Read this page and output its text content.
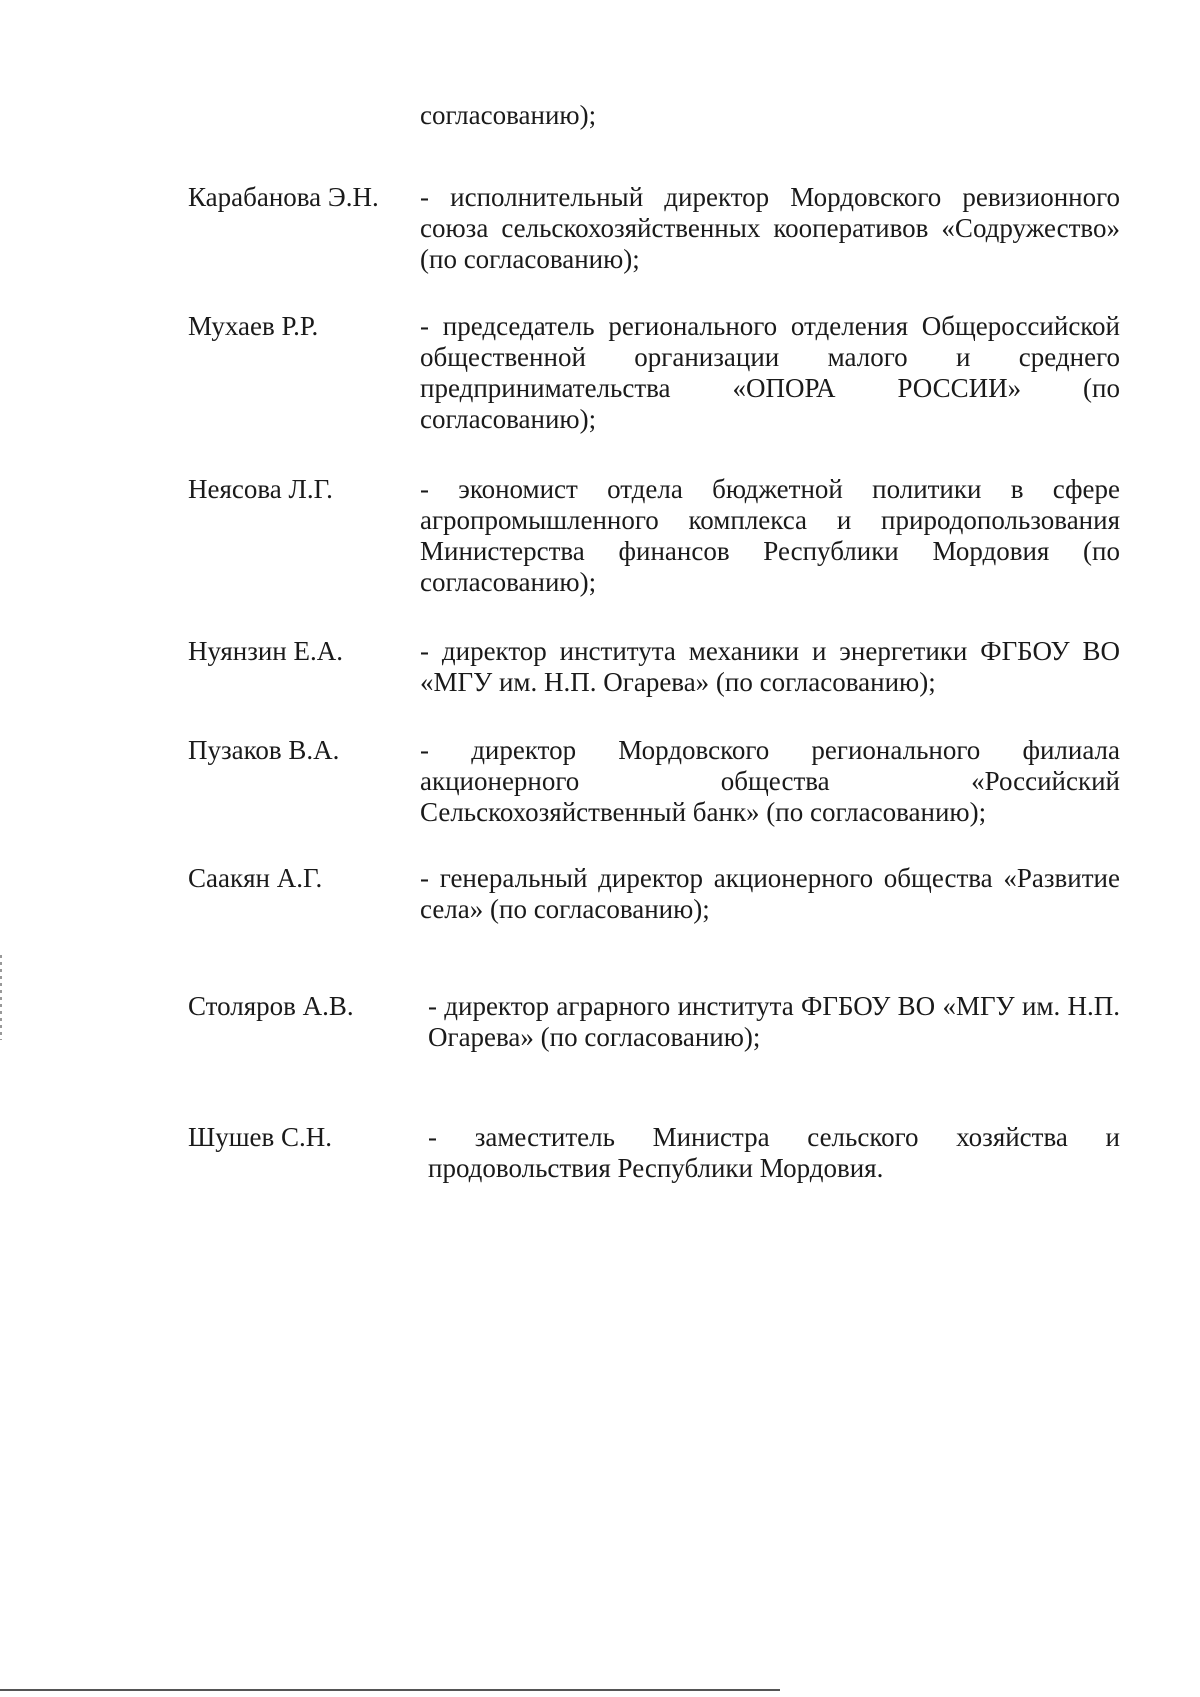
согласованию);
Карабанова Э.Н. - исполнительный директор Мордовского ревизионного союза сельскохозяйственных кооперативов «Содружество» (по согласованию);
Мухаев Р.Р.	- председатель регионального отделения Общероссийской общественной организации малого и среднего предпринимательства «ОПОРА РОССИИ» (по согласованию);
Неясова Л.Г.	- экономист отдела бюджетной политики в сфере агропромышленного комплекса и природопользования Министерства финансов Республики Мордовия (по согласованию);
Нуянзин Е.А.	- директор института механики и энергетики ФГБОУ ВО «МГУ им. Н.П. Огарева» (по согласованию);
Пузаков В.А.	- директор Мордовского регионального филиала акционерного общества «Российский Сельскохозяйственный банк» (по согласованию);
Саакян А.Г.	- генеральный директор акционерного общества «Развитие села» (по согласованию);
Столяров А.В.	- директор аграрного института ФГБОУ ВО «МГУ им. Н.П. Огарева» (по согласованию);
Шушев С.Н.	- заместитель Министра сельского хозяйства и продовольствия Республики Мордовия.
